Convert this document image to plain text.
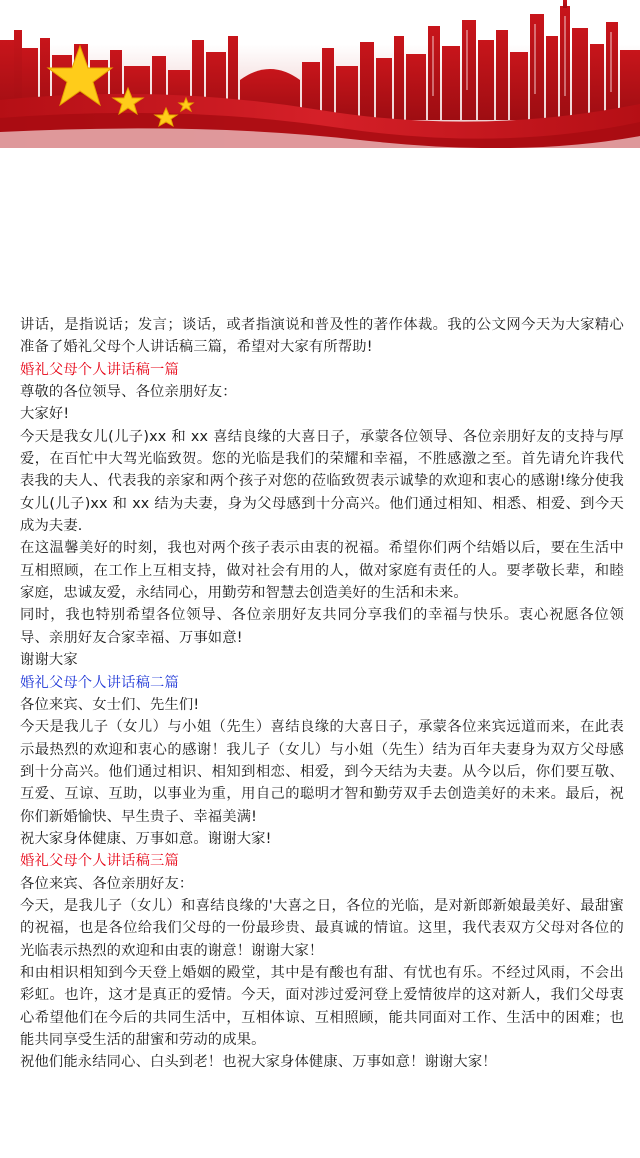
讲话，是指说话；发言；谈话，或者指演说和普及性的著作体裁。我的公文网今天为大家精心准备了婚礼父母个人讲话稿三篇，希望对大家有所帮助!

婚礼父母个人讲话稿一篇

尊敬的各位领导、各位亲朋好友：

大家好!

今天是我女儿(儿子)xx 和 xx 喜结良缘的大喜日子，承蒙各位领导、各位亲朋好友的支持与厚爱，在百忙中大驾光临致贺。您的光临是我们的荣耀和幸福，不胜感激之至。首先请允许我代表我的夫人、代表我的亲家和两个孩子对您的莅临致贺表示诚挚的欢迎和衷心的感谢!缘分使我女儿(儿子)xx 和 xx 结为夫妻，身为父母感到十分高兴。他们通过相知、相悉、相爱、到今天成为夫妻.

在这温馨美好的时刻，我也对两个孩子表示由衷的祝福。希望你们两个结婚以后，要在生活中互相照顾，在工作上互相支持，做对社会有用的人，做对家庭有责任的人。要孝敬长辈，和睦家庭，忠诚友爱，永结同心，用勤劳和智慧去创造美好的生活和未来。

同时，我也特别希望各位领导、各位亲朋好友共同分享我们的幸福与快乐。衷心祝愿各位领导、亲朋好友合家幸福、万事如意!

谢谢大家

婚礼父母个人讲话稿二篇

各位来宾、女士们、先生们!

今天是我儿子（女儿）与小姐（先生）喜结良缘的大喜日子，承蒙各位来宾远道而来，在此表示最热烈的欢迎和衷心的感谢！我儿子（女儿）与小姐（先生）结为百年夫妻身为双方父母感到十分高兴。他们通过相识、相知到相恋、相爱，到今天结为夫妻。从今以后，你们要互敬、互爱、互谅、互助，以事业为重，用自己的聪明才智和勤劳双手去创造美好的未来。最后，祝你们新婚愉快、早生贵子、幸福美满!

祝大家身体健康、万事如意。谢谢大家!

婚礼父母个人讲话稿三篇

各位来宾、各位亲朋好友：

今天，是我儿子（女儿）和喜结良缘的'大喜之日，各位的光临，是对新郎新娘最美好、最甜蜜的祝福，也是各位给我们父母的一份最珍贵、最真诚的情谊。这里，我代表双方父母对各位的光临表示热烈的欢迎和由衷的谢意！谢谢大家！

和由相识相知到今天登上婚姻的殿堂，其中是有酸也有甜、有忧也有乐。不经过风雨，不会出彩虹。也许，这才是真正的爱情。今天，面对涉过爱河登上爱情彼岸的这对新人，我们父母衷心希望他们在今后的共同生活中，互相体谅、互相照顾，能共同面对工作、生活中的困难；也能共同享受生活的甜蜜和劳动的成果。

祝他们能永结同心、白头到老！也祝大家身体健康、万事如意！谢谢大家！
